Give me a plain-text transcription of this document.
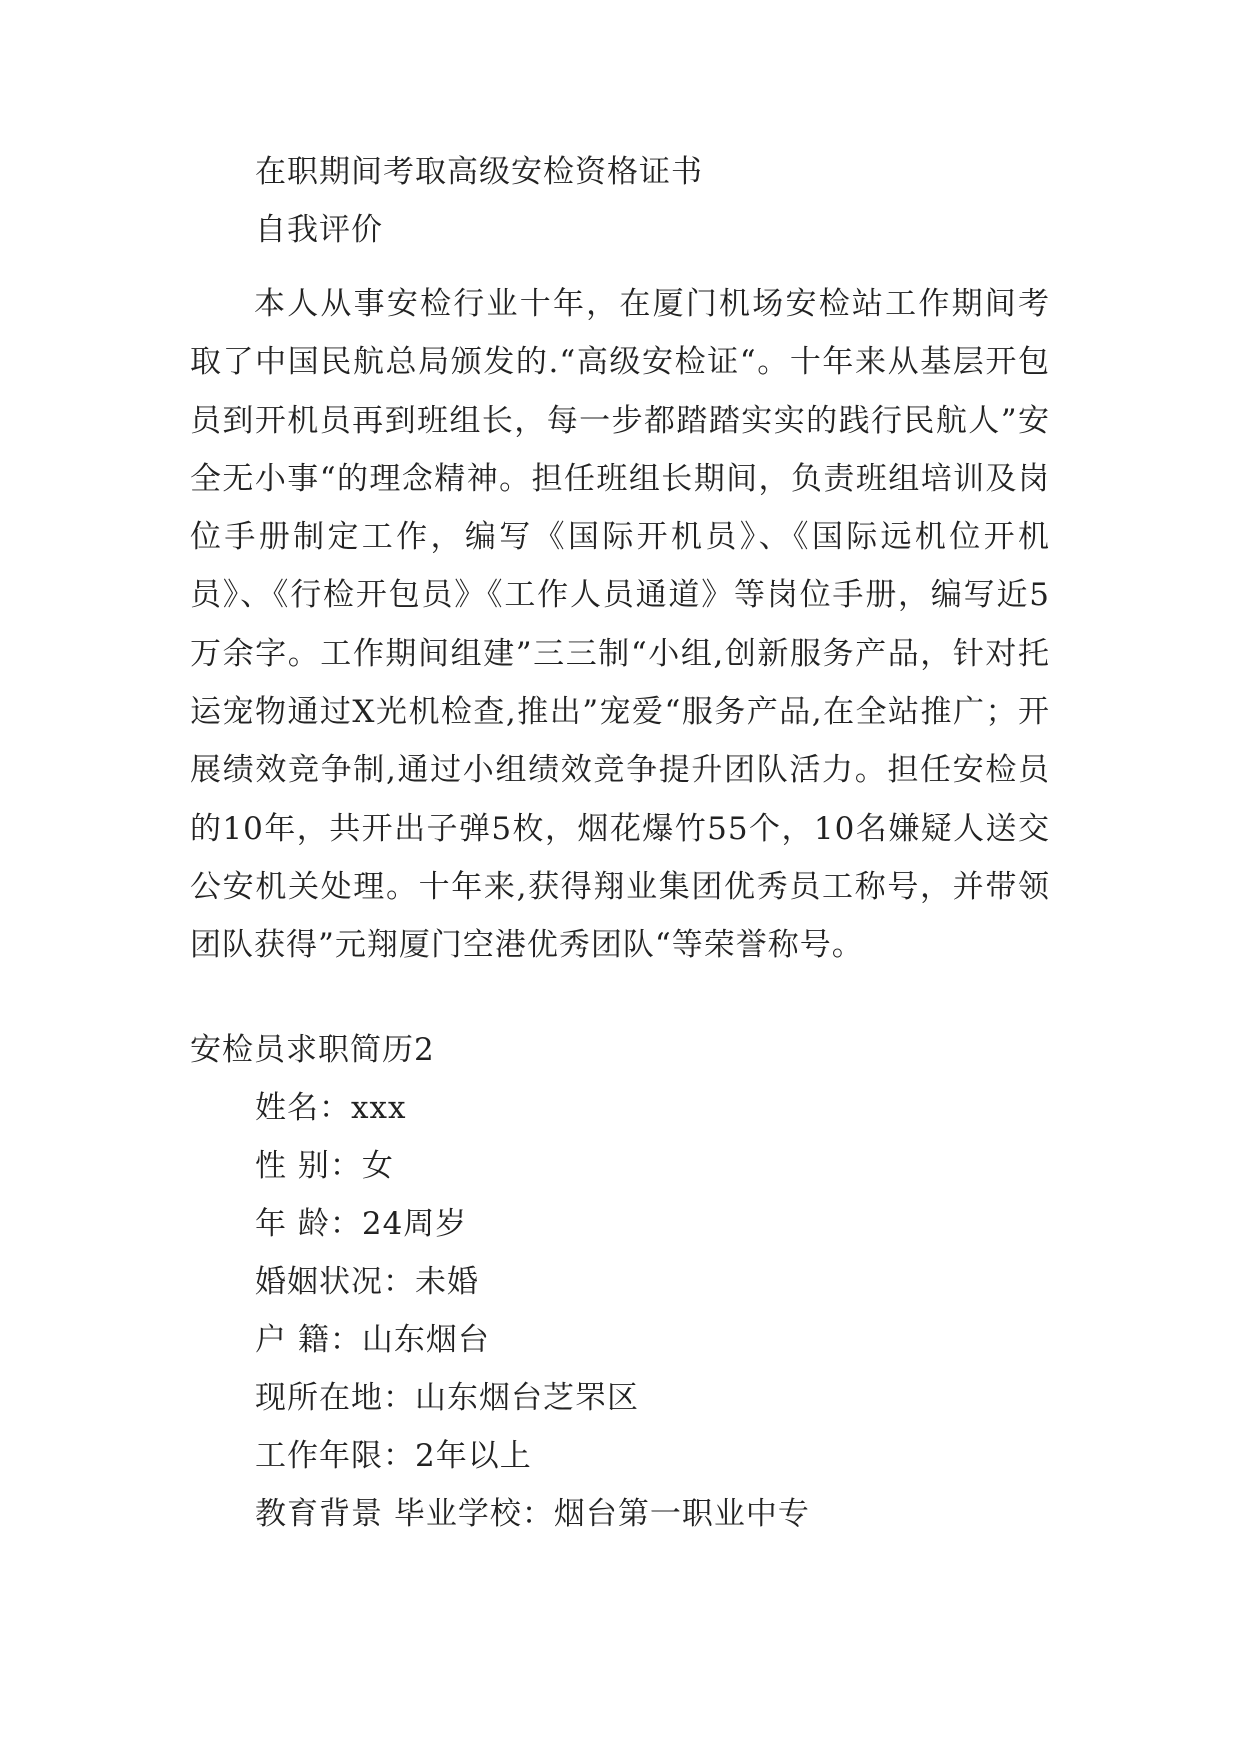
在职期间考取高级安检资格证书
自我评价
本人从事安检行业十年，在厦门机场安检站工作期间考取了中国民航总局颁发的.“高级安检证“。十年来从基层开包员到开机员再到班组长，每一步都踏踏实实的践行民航人”安全无小事“的理念精神。担任班组长期间，负责班组培训及岗位手册制定工作，编写《国际开机员》、《国际远机位开机员》、《行检开包员》《工作人员通道》等岗位手册，编写近5万余字。工作期间组建”三三制“小组,创新服务产品，针对托运宠物通过X光机检查,推出”宠爱“服务产品,在全站推广；开展绩效竞争制,通过小组绩效竞争提升团队活力。担任安检员的10年，共开出子弹5枚，烟花爆竹55个，10名嫌疑人送交公安机关处理。十年来,获得翔业集团优秀员工称号，并带领团队获得”元翔厦门空港优秀团队“等荣誉称号。
安检员求职简历2
姓名：xxx
性 别：女
年 龄：24周岁
婚姻状况：未婚
户 籍：山东烟台
现所在地：山东烟台芝罘区
工作年限：2年以上
教育背景 毕业学校：烟台第一职业中专
